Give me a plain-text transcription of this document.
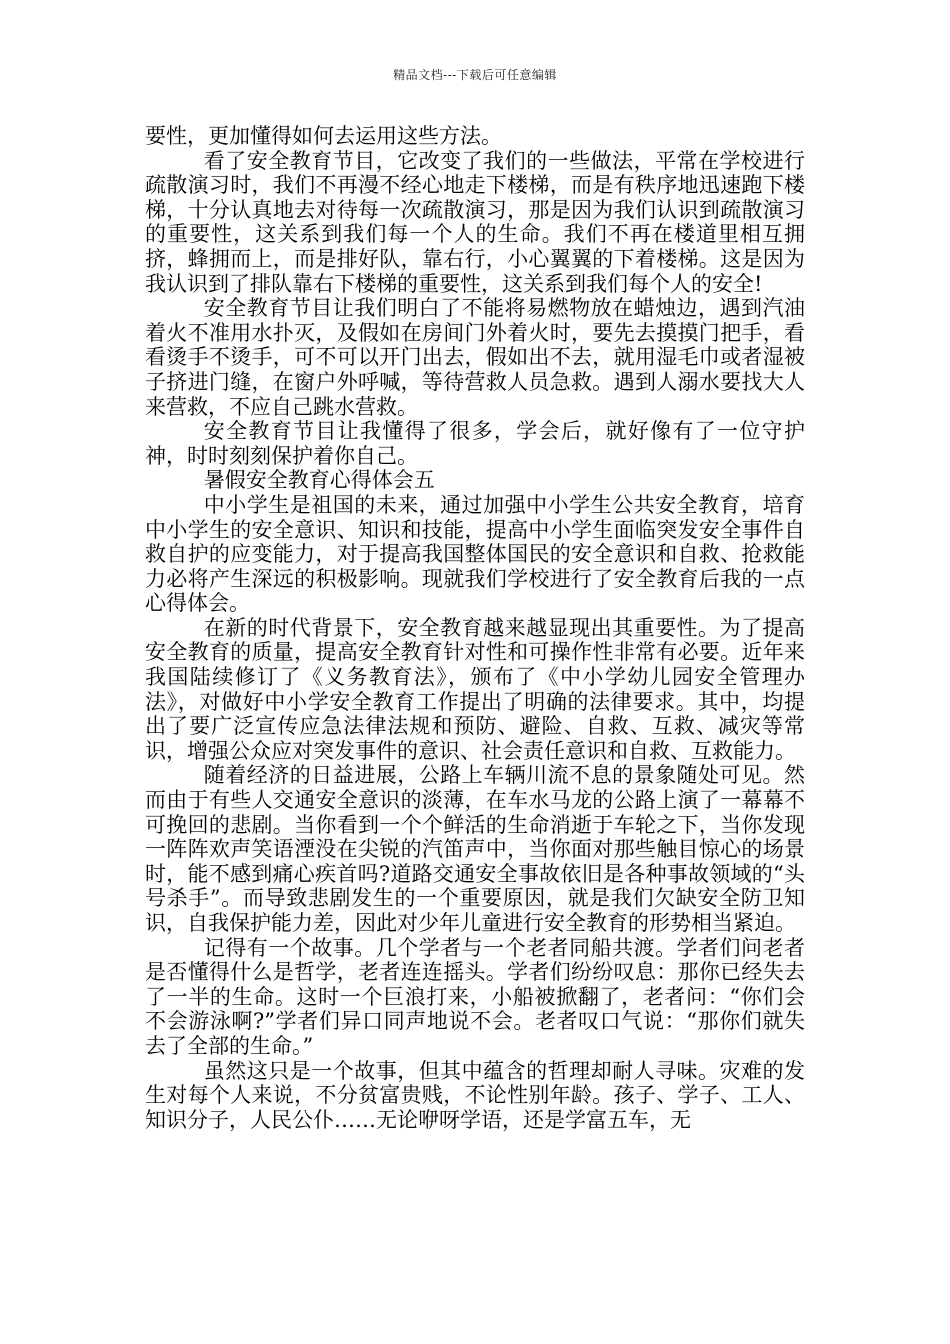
精品文档---下载后可任意编辑

要性，更加懂得如何去运用这些方法。

看了安全教育节目，它改变了我们的一些做法，平常在学校进行疏散演习时，我们不再漫不经心地走下楼梯，而是有秩序地迅速跑下楼梯，十分认真地去对待每一次疏散演习，那是因为我们认识到疏散演习的重要性，这关系到我们每一个人的生命。我们不再在楼道里相互拥挤，蜂拥而上，而是排好队，靠右行，小心翼翼的下着楼梯。这是因为我认识到了排队靠右下楼梯的重要性，这关系到我们每个人的安全!

安全教育节目让我们明白了不能将易燃物放在蜡烛边，遇到汽油着火不准用水扑灭，及假如在房间门外着火时，要先去摸摸门把手，看看烫手不烫手，可不可以开门出去，假如出不去，就用湿毛巾或者湿被子挤进门缝，在窗户外呼喊，等待营救人员急救。遇到人溺水要找大人来营救，不应自己跳水营救。

安全教育节目让我懂得了很多，学会后，就好像有了一位守护神，时时刻刻保护着你自己。

暑假安全教育心得体会五

中小学生是祖国的未来，通过加强中小学生公共安全教育，培育中小学生的安全意识、知识和技能，提高中小学生面临突发安全事件自救自护的应变能力，对于提高我国整体国民的安全意识和自救、抢救能力必将产生深远的积极影响。现就我们学校进行了安全教育后我的一点心得体会。

在新的时代背景下，安全教育越来越显现出其重要性。为了提高安全教育的质量，提高安全教育针对性和可操作性非常有必要。近年来我国陆续修订了《义务教育法》，颁布了《中小学幼儿园安全管理办法》，对做好中小学安全教育工作提出了明确的法律要求。其中，均提出了要广泛宣传应急法律法规和预防、避险、自救、互救、减灾等常识，增强公众应对突发事件的意识、社会责任意识和自救、互救能力。

随着经济的日益进展，公路上车辆川流不息的景象随处可见。然而由于有些人交通安全意识的淡薄，在车水马龙的公路上演了一幕幕不可挽回的悲剧。当你看到一个个鲜活的生命消逝于车轮之下，当你发现一阵阵欢声笑语湮没在尖锐的汽笛声中，当你面对那些触目惊心的场景时，能不感到痛心疾首吗?道路交通安全事故依旧是各种事故领域的“头号杀手”。而导致悲剧发生的一个重要原因，就是我们欠缺安全防卫知识，自我保护能力差，因此对少年儿童进行安全教育的形势相当紧迫。

记得有一个故事。几个学者与一个老者同船共渡。学者们问老者是否懂得什么是哲学，老者连连摇头。学者们纷纷叹息：那你已经失去了一半的生命。这时一个巨浪打来，小船被掀翻了，老者问：“你们会不会游泳啊?”学者们异口同声地说不会。老者叹口气说：“那你们就失去了全部的生命。”

虽然这只是一个故事，但其中蕴含的哲理却耐人寻味。灾难的发生对每个人来说，不分贫富贵贱，不论性别年龄。孩子、学子、工人、知识分子，人民公仆……无论咿呀学语，还是学富五车，无
